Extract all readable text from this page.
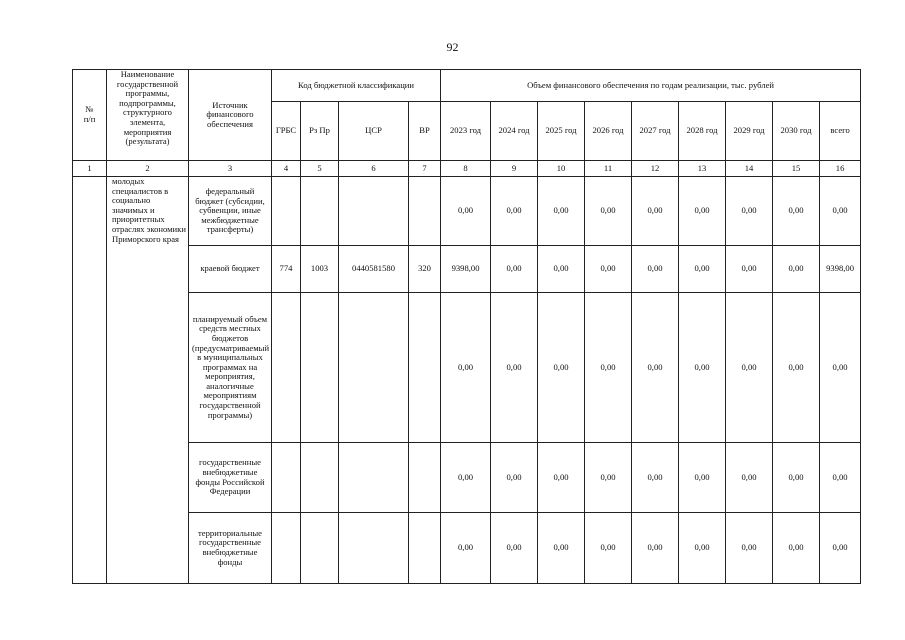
92
№
п/п	Наименование государственной программы, подпрограммы, структурного элемента, мероприятия (результата)	Источник финансового обеспечения	Код бюджетной классификации				Объем финансового обеспечения по годам реализации, тыс. рублей								
			ГРБС	Рз Пр	ЦСР	ВР	2023 год	2024 год	2025 год	2026 год	2027 год	2028 год	2029 год	2030 год	всего
1	2	3	4	5	6	7	8	9	10	11	12	13	14	15	16
	молодых специалистов в социально значимых и приоритетных отраслях экономики Приморского края	федеральный бюджет (субсидии, субвенции, иные межбюджетные трансферты)					0,00	0,00	0,00	0,00	0,00	0,00	0,00	0,00	0,00
		краевой бюджет	774	1003	0440581580	320	9398,00	0,00	0,00	0,00	0,00	0,00	0,00	0,00	9398,00
		планируемый объем средств местных бюджетов (предусматриваемый в муниципальных программах на мероприятия, аналогичные мероприятиям государственной программы)					0,00	0,00	0,00	0,00	0,00	0,00	0,00	0,00	0,00
		государственные внебюджетные фонды Российской Федерации					0,00	0,00	0,00	0,00	0,00	0,00	0,00	0,00	0,00
		территориальные государственные внебюджетные фонды					0,00	0,00	0,00	0,00	0,00	0,00	0,00	0,00	0,00
